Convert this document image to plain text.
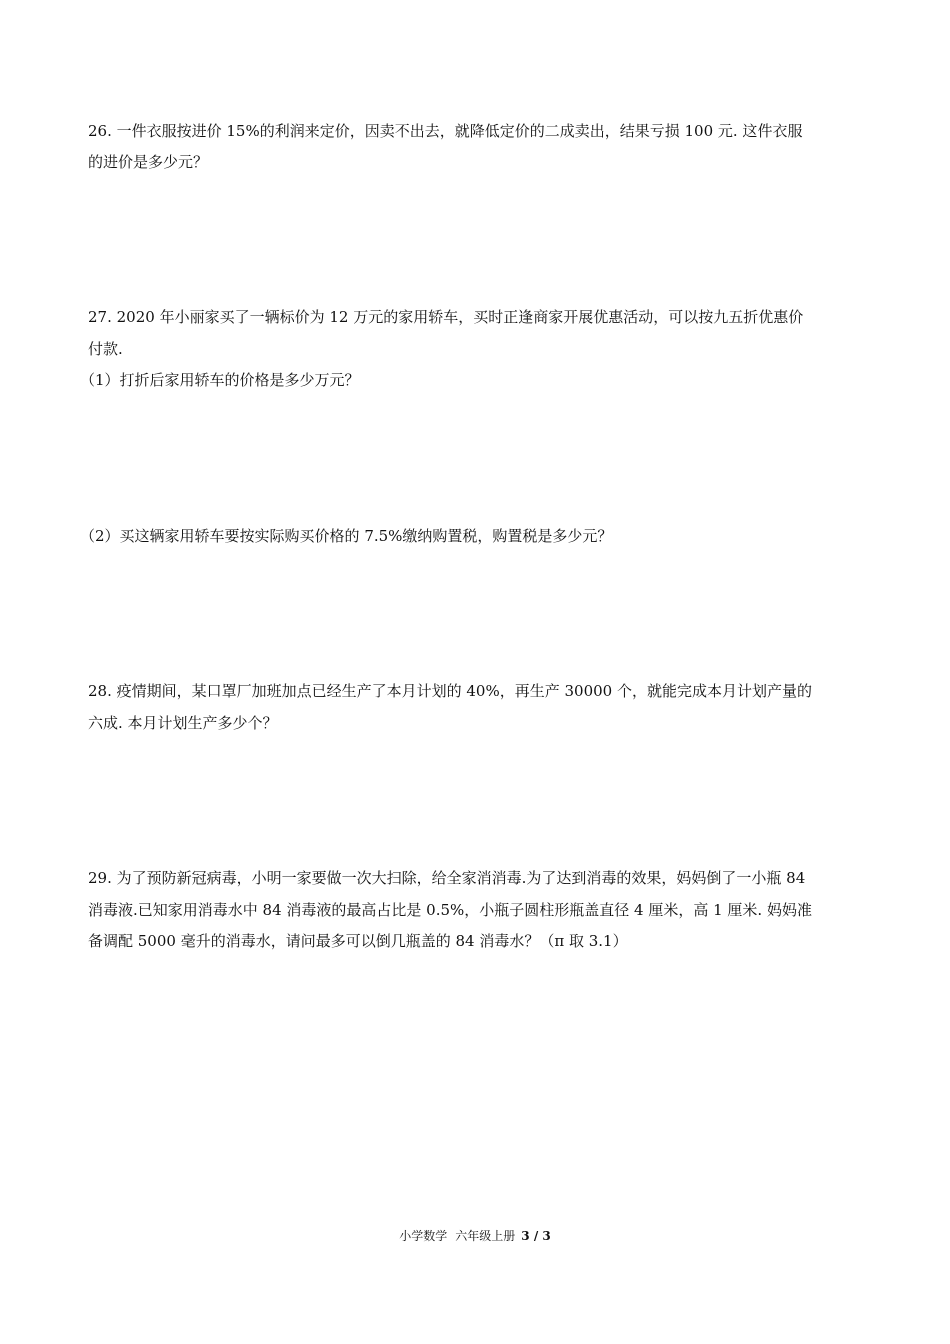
26. 一件衣服按进价 15%的利润来定价，因卖不出去，就降低定价的二成卖出，结果亏损 100 元. 这件衣服
的进价是多少元？
27. 2020 年小丽家买了一辆标价为 12 万元的家用轿车，买时正逢商家开展优惠活动，可以按九五折优惠价
付款.
（1）打折后家用轿车的价格是多少万元？
（2）买这辆家用轿车要按实际购买价格的 7.5%缴纳购置税，购置税是多少元？
28. 疫情期间，某口罩厂加班加点已经生产了本月计划的 40%，再生产 30000 个，就能完成本月计划产量的
六成. 本月计划生产多少个？
29. 为了预防新冠病毒，小明一家要做一次大扫除，给全家消消毒.为了达到消毒的效果，妈妈倒了一小瓶 84
消毒液.已知家用消毒水中 84 消毒液的最高占比是 0.5%，小瓶子圆柱形瓶盖直径 4 厘米，高 1 厘米. 妈妈准
备调配 5000 毫升的消毒水，请问最多可以倒几瓶盖的 84 消毒水？（π 取 3.1）
小学数学 六年级上册 3 / 3
